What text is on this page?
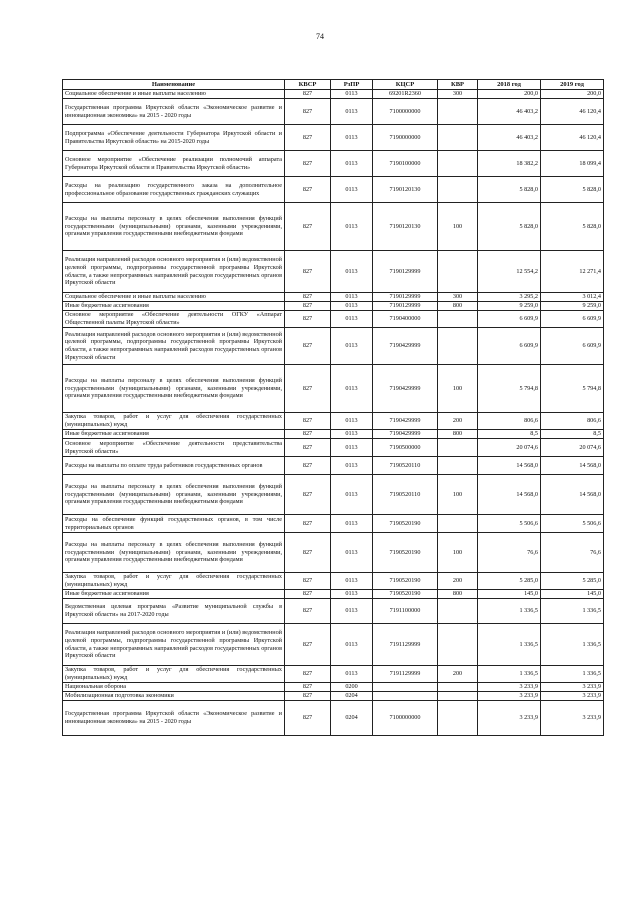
74
Наименование	КВСР	РзПР	КЦСР	КВР	2018 год	2019 год
Социальное обеспечение и иные выплаты населению	827	0113	69201R2360	300	200,0	200,0
Государственная программа Иркутской области «Экономическое развитие и инновационная экономика» на 2015 - 2020 годы	827	0113	7100000000		46 403,2	46 120,4
Подпрограмма «Обеспечение деятельности Губернатора Иркутской области и Правительства Иркутской области» на 2015-2020 годы	827	0113	7190000000		46 403,2	46 120,4
Основное мероприятие «Обеспечение реализации полномочий аппарата Губернатора Иркутской области и Правительства Иркутской области»	827	0113	7190100000		18 382,2	18 099,4
Расходы на реализацию государственного заказа на дополнительное профессиональное образование государственных гражданских служащих	827	0113	7190120130		5 828,0	5 828,0
Расходы на выплаты персоналу в целях обеспечения выполнения функций государственными (муниципальными) органами, казенными учреждениями, органами управления государственными внебюджетными фондами	827	0113	7190120130	100	5 828,0	5 828,0
Реализация направлений расходов основного мероприятия и (или) ведомственной целевой программы, подпрограммы государственной программы Иркутской области, а также непрограммных направлений расходов государственных органов Иркутской области	827	0113	7190129999		12 554,2	12 271,4
Социальное обеспечение и иные выплаты населению	827	0113	7190129999	300	3 295,2	3 012,4
Иные бюджетные ассигнования	827	0113	7190129999	800	9 259,0	9 259,0
Основное мероприятие «Обеспечение деятельности ОГКУ «Аппарат Общественной палаты Иркутской области»	827	0113	7190400000		6 609,9	6 609,9
Реализация направлений расходов основного мероприятия и (или) ведомственной целевой программы, подпрограммы государственной программы Иркутской области, а также непрограммных направлений расходов государственных органов Иркутской области	827	0113	7190429999		6 609,9	6 609,9
Расходы на выплаты персоналу в целях обеспечения выполнения функций государственными (муниципальными) органами, казенными учреждениями, органами управления государственными внебюджетными фондами	827	0113	7190429999	100	5 794,8	5 794,8
Закупка товаров, работ и услуг для обеспечения государственных (муниципальных) нужд	827	0113	7190429999	200	806,6	806,6
Иные бюджетные ассигнования	827	0113	7190429999	800	8,5	8,5
Основное мероприятие «Обеспечение деятельности представительства Иркутской области»	827	0113	7190500000		20 074,6	20 074,6
Расходы на выплаты по оплате труда работников государственных органов	827	0113	7190520110		14 568,0	14 568,0
Расходы на выплаты персоналу в целях обеспечения выполнения функций государственными (муниципальными) органами, казенными учреждениями, органами управления государственными внебюджетными фондами	827	0113	7190520110	100	14 568,0	14 568,0
Расходы на обеспечение функций государственных органов, в том числе территориальных органов	827	0113	7190520190		5 506,6	5 506,6
Расходы на выплаты персоналу в целях обеспечения выполнения функций государственными (муниципальными) органами, казенными учреждениями, органами управления государственными внебюджетными фондами	827	0113	7190520190	100	76,6	76,6
Закупка товаров, работ и услуг для обеспечения государственных (муниципальных) нужд	827	0113	7190520190	200	5 285,0	5 285,0
Иные бюджетные ассигнования	827	0113	7190520190	800	145,0	145,0
Ведомственная целевая программа «Развитие муниципальной службы в Иркутской области» на 2017-2020 годы	827	0113	7191100000		1 336,5	1 336,5
Реализация направлений расходов основного мероприятия и (или) ведомственной целевой программы, подпрограммы государственной программы Иркутской области, а также непрограммных направлений расходов государственных органов Иркутской области	827	0113	7191129999		1 336,5	1 336,5
Закупка товаров, работ и услуг для обеспечения государственных (муниципальных) нужд	827	0113	7191129999	200	1 336,5	1 336,5
Национальная оборона	827	0200			3 233,9	3 233,9
Мобилизационная подготовка экономики	827	0204			3 233,9	3 233,9
Государственная программа Иркутской области «Экономическое развитие и инновационная экономика» на 2015 - 2020 годы	827	0204	7100000000		3 233,9	3 233,9
